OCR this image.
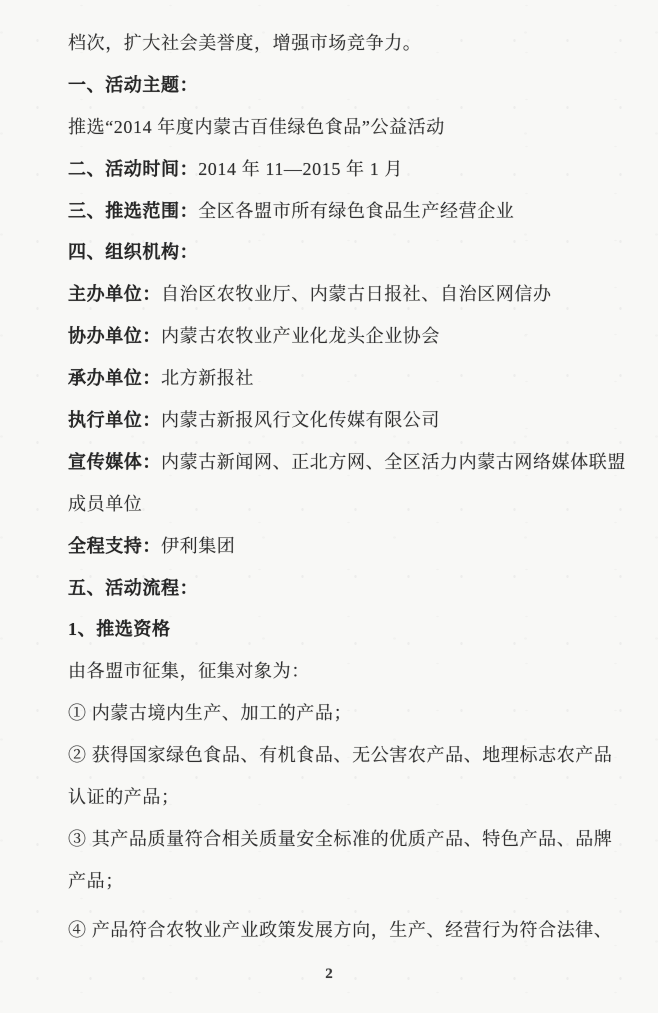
档次，扩大社会美誉度，增强市场竞争力。
一、活动主题：
推选“2014 年度内蒙古百佳绿色食品”公益活动
二、活动时间： 2014 年 11—2015 年 1 月
三、推选范围： 全区各盟市所有绿色食品生产经营企业
四、组织机构：
主办单位： 自治区农牧业厅、内蒙古日报社、自治区网信办
协办单位： 内蒙古农牧业产业化龙头企业协会
承办单位： 北方新报社
执行单位： 内蒙古新报风行文化传媒有限公司
宣传媒体： 内蒙古新闻网、正北方网、全区活力内蒙古网络媒体联盟
成员单位
全程支持： 伊利集团
五、活动流程：
1、推选资格
由各盟市征集，征集对象为：
① 内蒙古境内生产、加工的产品；
② 获得国家绿色食品、有机食品、无公害农产品、地理标志农产品
认证的产品；
③ 其产品质量符合相关质量安全标准的优质产品、特色产品、品牌
产品；
④ 产品符合农牧业产业政策发展方向，生产、经营行为符合法律、
2
